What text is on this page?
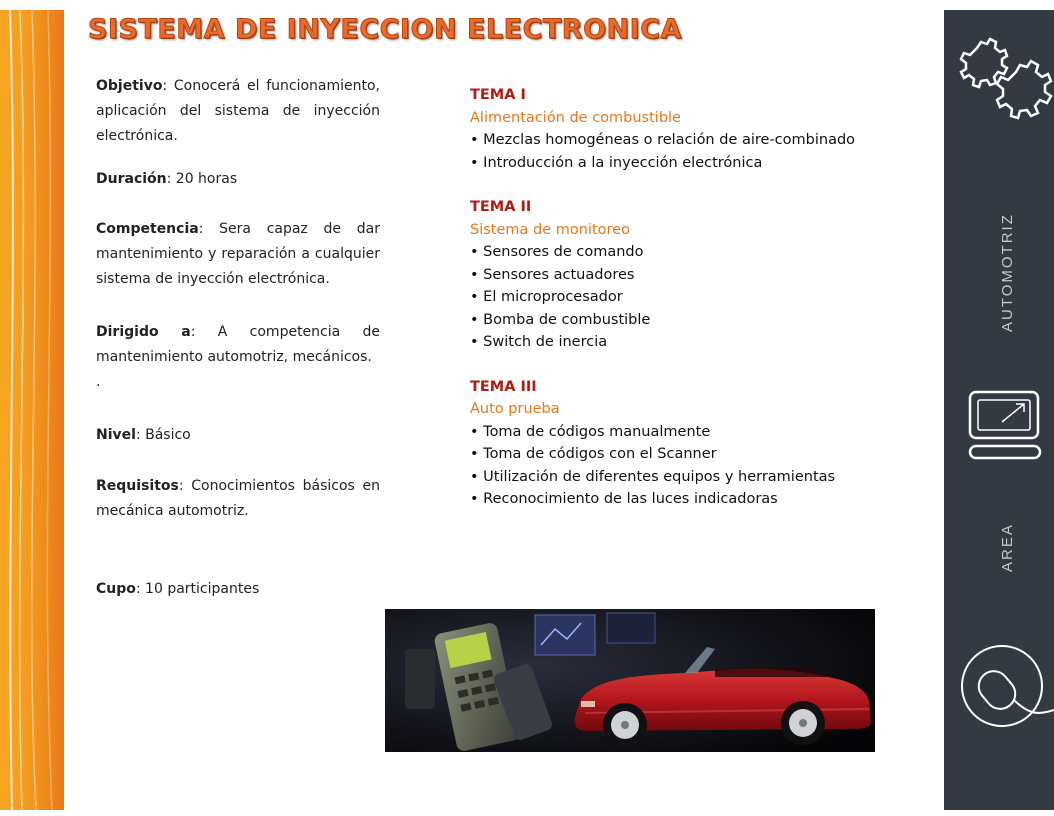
SISTEMA DE INYECCION ELECTRONICA

Objetivo: Conocerá el funcionamiento, aplicación del sistema de inyección electrónica.

Duración: 20 horas

Competencia: Sera capaz de dar mantenimiento y reparación a cualquier sistema de inyección electrónica.

Dirigido a: A competencia de mantenimiento automotriz, mecánicos.

.

Nivel: Básico

Requisitos: Conocimientos básicos en mecánica automotriz.

Cupo: 10 participantes

TEMA I
Alimentación de combustible
• Mezclas homogéneas o relación de aire-combinado
• Introducción a la inyección electrónica
TEMA II
Sistema de monitoreo
• Sensores de comando
• Sensores actuadores
• El microprocesador
• Bomba de combustible
• Switch de inercia
TEMA III
Auto prueba
• Toma de códigos manualmente
• Toma de códigos con el Scanner
• Utilización de diferentes equipos y herramientas
• Reconocimiento de las luces indicadoras
AUTOMOTRIZ
AREA
